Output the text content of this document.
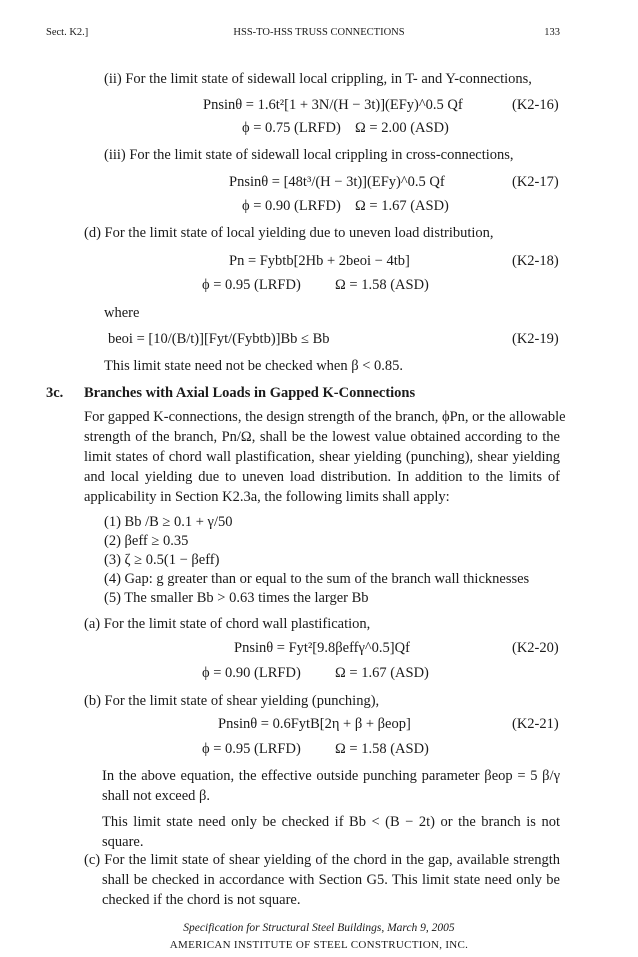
Sect. K2.]	HSS-TO-HSS TRUSS CONNECTIONS	133
(ii) For the limit state of sidewall local crippling, in T- and Y-connections,
Pnsinθ = 1.6t²[1 + 3N/(H − 3t)](EFy)^0.5 Qf	(K2-16)
ϕ = 0.75 (LRFD) Ω = 2.00 (ASD)
(iii) For the limit state of sidewall local crippling in cross-connections,
Pnsinθ = [48t³/(H − 3t)](EFy)^0.5 Qf	(K2-17)
ϕ = 0.90 (LRFD) Ω = 1.67 (ASD)
(d) For the limit state of local yielding due to uneven load distribution,
Pn = Fybtb[2Hb + 2beoi − 4tb]	(K2-18)
ϕ = 0.95 (LRFD) Ω = 1.58 (ASD)
where
beoi = [10/(B/t)][Fyt/(Fybtb)]Bb ≤ Bb	(K2-19)
This limit state need not be checked when β < 0.85.
3c. Branches with Axial Loads in Gapped K-Connections
For gapped K-connections, the design strength of the branch, ϕPn, or the allowable
strength of the branch, Pn/Ω, shall be the lowest value obtained according to the
limit states of chord wall plastification, shear yielding (punching), shear yielding
and local yielding due to uneven load distribution. In addition to the limits of
applicability in Section K2.3a, the following limits shall apply:
(1) Bb /B ≥ 0.1 + γ/50
(2) βeff ≥ 0.35
(3) ζ ≥ 0.5(1 − βeff)
(4) Gap: g greater than or equal to the sum of the branch wall thicknesses
(5) The smaller Bb > 0.63 times the larger Bb
(a) For the limit state of chord wall plastification,
Pnsinθ = Fyt²[9.8βeffγ^0.5]Qf	(K2-20)
ϕ = 0.90 (LRFD) Ω = 1.67 (ASD)
(b) For the limit state of shear yielding (punching),
Pnsinθ = 0.6FytB[2η + β + βeop]	(K2-21)
ϕ = 0.95 (LRFD) Ω = 1.58 (ASD)
In the above equation, the effective outside punching parameter βeop = 5 β/γ
shall not exceed β.
This limit state need only be checked if Bb < (B − 2t) or the branch is not
square.
(c) For the limit state of shear yielding of the chord in the gap, available strength
shall be checked in accordance with Section G5. This limit state need only be
checked if the chord is not square.
Specification for Structural Steel Buildings, March 9, 2005
AMERICAN INSTITUTE OF STEEL CONSTRUCTION, INC.
